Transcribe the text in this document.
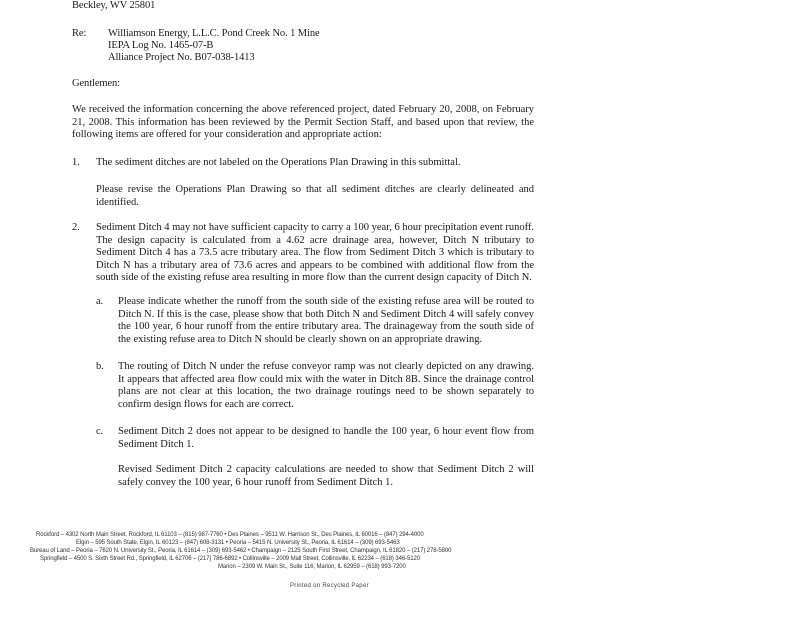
Beckley, WV 25801
Re: Williamson Energy, L.L.C. Pond Creek No. 1 Mine
IEPA Log No. 1465-07-B
Alliance Project No. B07-038-1413
Gentlemen:
We received the information concerning the above referenced project, dated February 20, 2008, on February 21, 2008. This information has been reviewed by the Permit Section Staff, and based upon that review, the following items are offered for your consideration and appropriate action:
1. The sediment ditches are not labeled on the Operations Plan Drawing in this submittal.
Please revise the Operations Plan Drawing so that all sediment ditches are clearly delineated and identified.
2. Sediment Ditch 4 may not have sufficient capacity to carry a 100 year, 6 hour precipitation event runoff. The design capacity is calculated from a 4.62 acre drainage area, however, Ditch N tributary to Sediment Ditch 4 has a 73.5 acre tributary area. The flow from Sediment Ditch 3 which is tributary to Ditch N has a tributary area of 73.6 acres and appears to be combined with additional flow from the south side of the existing refuse area resulting in more flow than the current design capacity of Ditch N.
a. Please indicate whether the runoff from the south side of the existing refuse area will be routed to Ditch N. If this is the case, please show that both Ditch N and Sediment Ditch 4 will safely convey the 100 year, 6 hour runoff from the entire tributary area. The drainageway from the south side of the existing refuse area to Ditch N should be clearly shown on an appropriate drawing.
b. The routing of Ditch N under the refuse conveyor ramp was not clearly depicted on any drawing. It appears that affected area flow could mix with the water in Ditch 8B. Since the drainage control plans are not clear at this location, the two drainage routings need to be shown separately to confirm design flows for each are correct.
c. Sediment Ditch 2 does not appear to be designed to handle the 100 year, 6 hour event flow from Sediment Ditch 1.
Revised Sediment Ditch 2 capacity calculations are needed to show that Sediment Ditch 2 will safely convey the 100 year, 6 hour runoff from Sediment Ditch 1.
Rockford – 4302 North Main Street, Rockford, IL 61103 – (815) 987-7760 • Des Plaines – 9511 W. Harrison St., Des Plaines, IL 60016 – (847) 294-4000
Elgin – 595 South State, Elgin, IL 60123 – (847) 608-3131 • Peoria – 5415 N. University St., Peoria, IL 61614 – (309) 693-5463
Bureau of Land – Peoria – 7620 N. University St., Peoria, IL 61614 – (309) 693-5462 • Champaign – 2125 South First Street, Champaign, IL 61820 – (217) 278-5800
Springfield – 4500 S. Sixth Street Rd., Springfield, IL 62706 – (217) 786-6892 • Collinsville – 2009 Mall Street, Collinsville, IL 62234 – (618) 346-5120
Marion – 2309 W. Main St., Suite 116, Marion, IL 62959 – (618) 993-7200
Printed on Recycled Paper
